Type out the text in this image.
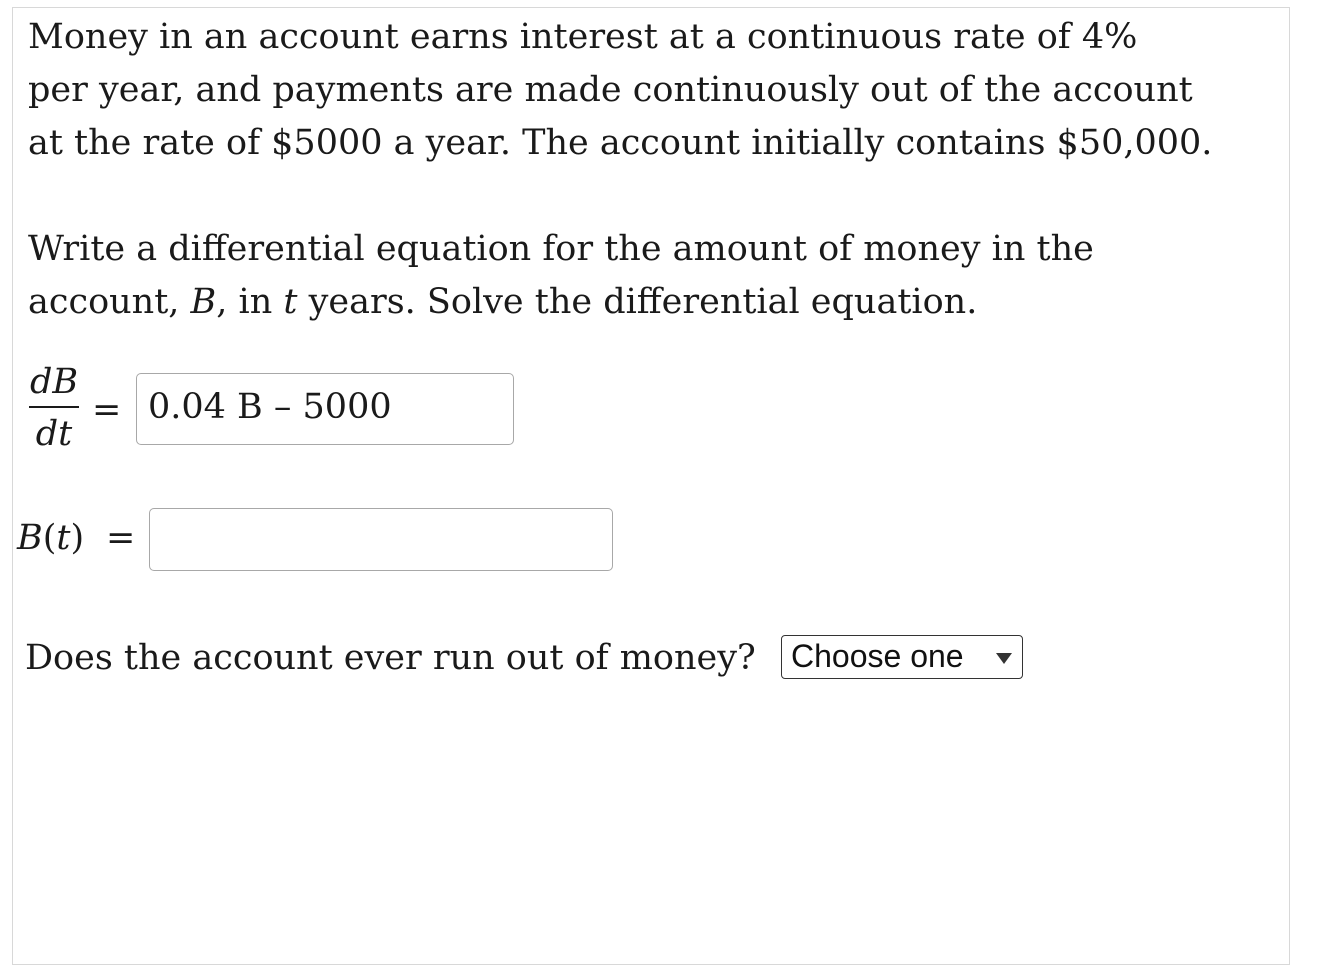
Money in an account earns interest at a continuous rate of 4%
per year, and payments are made continuously out of the account
at the rate of $5000 a year. The account initially contains $50,000.

Write a differential equation for the amount of money in the
account, B, in t years. Solve the differential equation.

dB
dt
= 0.04 B – 5000
B(t) =
Does the account ever run out of money?	Choose one
